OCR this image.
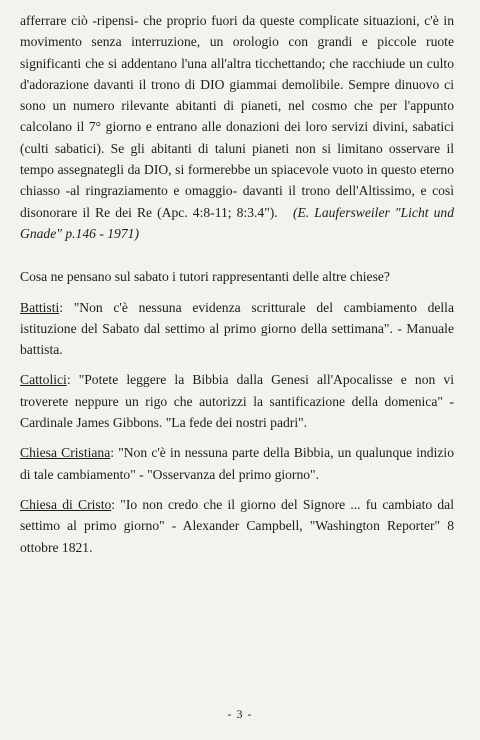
afferrare ciò -ripensi- che proprio fuori da queste complicate situazioni, c'è in movimento senza interruzione, un orologio con grandi e piccole ruote significanti che si addentano l'una all'altra ticchettando; che racchiude un culto d'adorazione davanti il trono di DIO giammai demolibile. Sempre dinuovo ci sono un numero rilevante abitanti di pianeti, nel cosmo che per l'appunto calcolano il 7° giorno e entrano alle donazioni dei loro servizi divini, sabatici (culti sabatici). Se gli abitanti di taluni pianeti non si limitano osservare il tempo assegnategli da DIO, si formerebbe un spiacevole vuoto in questo eterno chiasso -al ringraziamento e omaggio- davanti il trono dell'Altissimo, e così disonorare il Re dei Re (Apc. 4:8-11; 8:3.4"). (E. Laufersweiler "Licht und Gnade" p.146 - 1971)

Cosa ne pensano sul sabato i tutori rappresentanti delle altre chiese?

Battisti: "Non c'è nessuna evidenza scritturale del cambiamento della istituzione del Sabato dal settimo al primo giorno della settimana". - Manuale battista.

Cattolici: "Potete leggere la Bibbia dalla Genesi all'Apocalisse e non vi troverete neppure un rigo che autorizzi la santificazione della domenica" - Cardinale James Gibbons. "La fede dei nostri padri".

Chiesa Cristiana: "Non c'è in nessuna parte della Bibbia, un qualunque indizio di tale cambiamento" - "Osservanza del primo giorno".

Chiesa di Cristo: "Io non credo che il giorno del Signore ... fu cambiato dal settimo al primo giorno" - Alexander Campbell, "Washington Reporter" 8 ottobre 1821.

- 3 -
